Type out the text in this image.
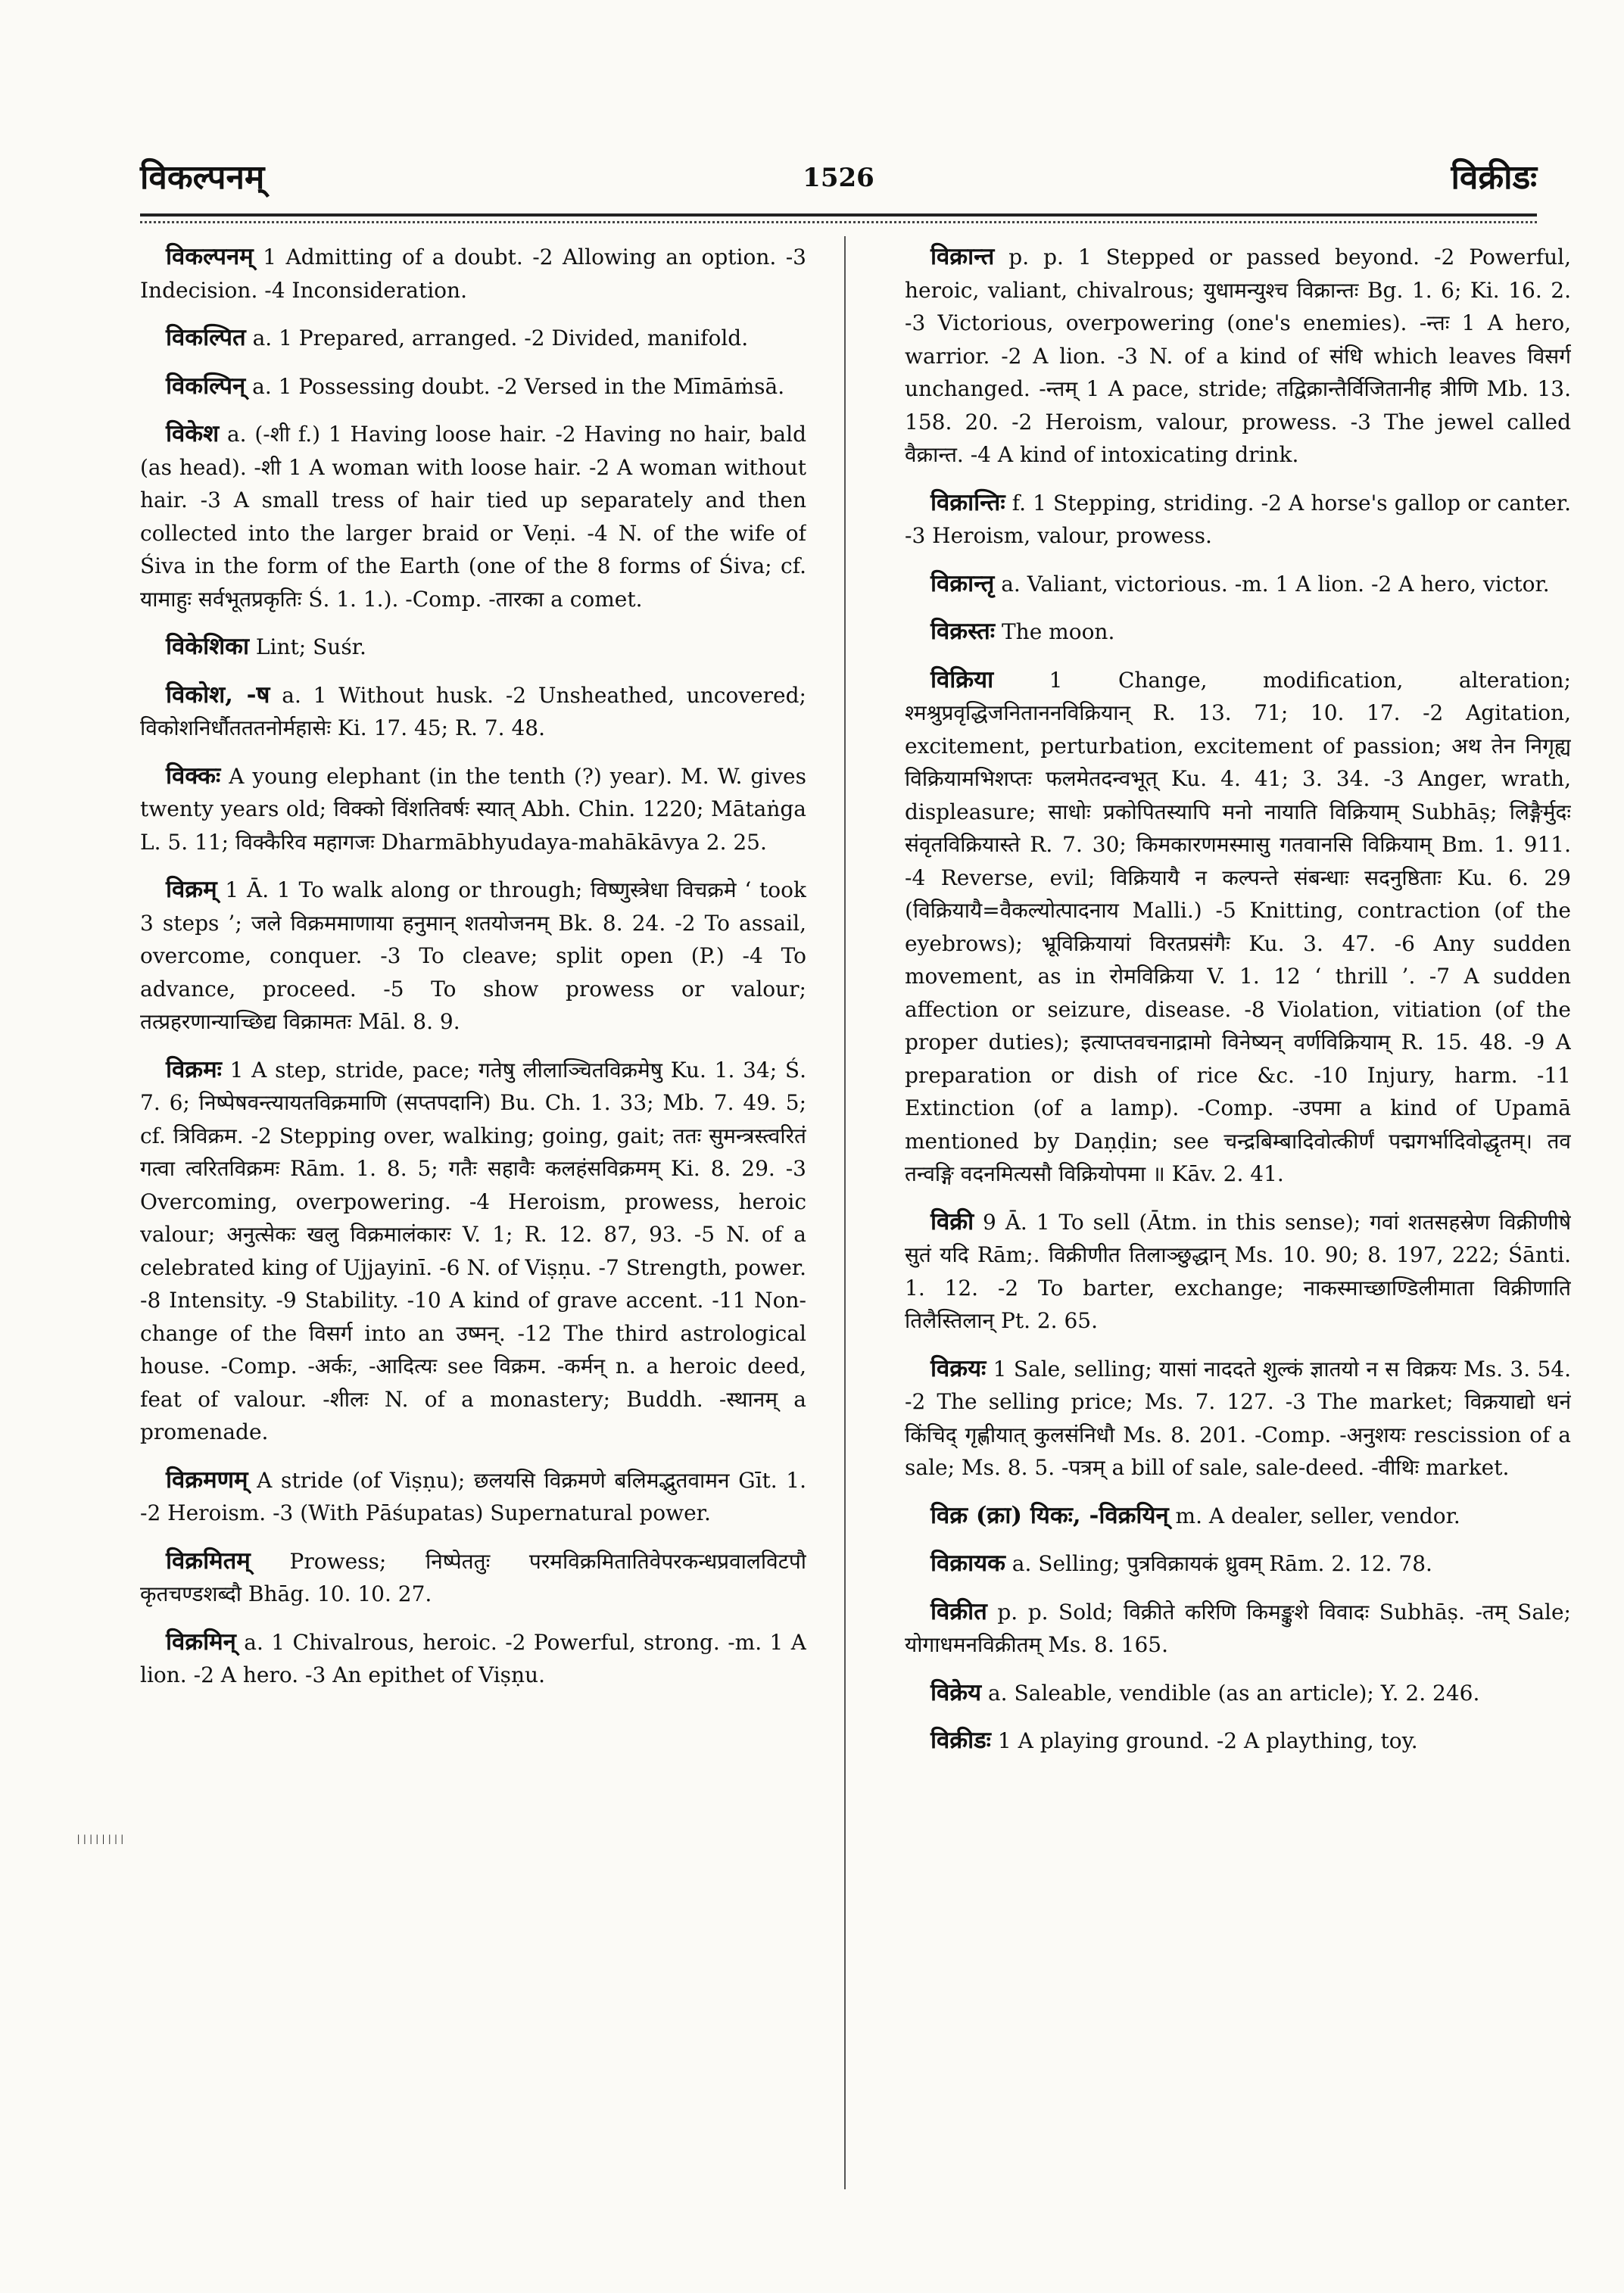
विकल्पनम्	1526	विक्रीडः

विकल्पनम् 1 Admitting of a doubt. -2 Allowing an option. -3 Indecision. -4 Inconsideration.

विकल्पित a. 1 Prepared, arranged. -2 Divided, manifold.

विकल्पिन् a. 1 Possessing doubt. -2 Versed in the Mīmāṁsā.

विकेश a. (-शी f.) 1 Having loose hair. -2 Having no hair, bald (as head). -शी 1 A woman with loose hair. -2 A woman without hair. -3 A small tress of hair tied up separately and then collected into the larger braid or Veṇi. -4 N. of the wife of Śiva in the form of the Earth (one of the 8 forms of Śiva; cf. यामाहुः सर्वभूतप्रकृतिः Ś. 1. 1.). -Comp. -तारका a comet.

विकेशिका Lint; Suśr.

विकोश, -ष a. 1 Without husk. -2 Unsheathed, uncovered; विकोशनिर्धौतततनोर्महासेः Ki. 17. 45; R. 7. 48.

विक्कः A young elephant (in the tenth (?) year). M. W. gives twenty years old; विक्को विंशतिवर्षः स्यात् Abh. Chin. 1220; Mātaṅga L. 5. 11; विक्कैरिव महागजः Dharmābhyudaya-mahākāvya 2. 25.

विक्रम् 1 Ā. 1 To walk along or through; विष्णुस्त्रेधा विचक्रमे ‘ took 3 steps ’; जले विक्रममाणाया हनुमान् शतयोजनम् Bk. 8. 24. -2 To assail, overcome, conquer. -3 To cleave; split open (P.) -4 To advance, proceed. -5 To show prowess or valour; तत्प्रहरणान्याच्छिद्य विक्रामतः Māl. 8. 9.

विक्रमः 1 A step, stride, pace; गतेषु लीलाञ्चितविक्रमेषु Ku. 1. 34; Ś. 7. 6; निष्पेषवन्त्यायतविक्रमाणि (सप्तपदानि) Bu. Ch. 1. 33; Mb. 7. 49. 5; cf. त्रिविक्रम. -2 Stepping over, walking; going, gait; ततः सुमन्त्रस्त्वरितं गत्वा त्वरितविक्रमः Rām. 1. 8. 5; गतैः सहावैः कलहंसविक्रमम् Ki. 8. 29. -3 Overcoming, overpowering. -4 Heroism, prowess, heroic valour; अनुत्सेकः खलु विक्रमालंकारः V. 1; R. 12. 87, 93. -5 N. of a celebrated king of Ujjayinī. -6 N. of Viṣṇu. -7 Strength, power. -8 Intensity. -9 Stability. -10 A kind of grave accent. -11 Non-change of the विसर्ग into an उष्मन्. -12 The third astrological house. -Comp. -अर्कः, -आदित्यः see विक्रम. -कर्मन् n. a heroic deed, feat of valour. -शीलः N. of a monastery; Buddh. -स्थानम् a promenade.

विक्रमणम् A stride (of Viṣṇu); छलयसि विक्रमणे बलिमद्भुतवामन Gīt. 1. -2 Heroism. -3 (With Pāśupatas) Supernatural power.

विक्रमितम् Prowess; निष्पेततुः परमविक्रमितातिवेपरकन्धप्रवालविटपौ कृतचण्डशब्दौ Bhāg. 10. 10. 27.

विक्रमिन् a. 1 Chivalrous, heroic. -2 Powerful, strong. -m. 1 A lion. -2 A hero. -3 An epithet of Viṣṇu.

विक्रान्त p. p. 1 Stepped or passed beyond. -2 Powerful, heroic, valiant, chivalrous; युधामन्युश्च विक्रान्तः Bg. 1. 6; Ki. 16. 2. -3 Victorious, overpowering (one's enemies). -न्तः 1 A hero, warrior. -2 A lion. -3 N. of a kind of संधि which leaves विसर्ग unchanged. -न्तम् 1 A pace, stride; तद्विक्रान्तैर्विजितानीह त्रीणि Mb. 13. 158. 20. -2 Heroism, valour, prowess. -3 The jewel called वैक्रान्त. -4 A kind of intoxicating drink.

विक्रान्तिः f. 1 Stepping, striding. -2 A horse's gallop or canter. -3 Heroism, valour, prowess.

विक्रान्तृ a. Valiant, victorious. -m. 1 A lion. -2 A hero, victor.

विक्रस्तः The moon.

विक्रिया 1 Change, modification, alteration; श्मश्रुप्रवृद्धिजनिताननविक्रियान् R. 13. 71; 10. 17. -2 Agitation, excitement, perturbation, excitement of passion; अथ तेन निगृह्य विक्रियामभिशप्तः फलमेतदन्वभूत् Ku. 4. 41; 3. 34. -3 Anger, wrath, displeasure; साधोः प्रकोपितस्यापि मनो नायाति विक्रियाम् Subhāṣ; लिङ्गैर्मुदः संवृतविक्रियास्ते R. 7. 30; किमकारणमस्मासु गतवानसि विक्रियाम् Bm. 1. 911. -4 Reverse, evil; विक्रियायै न कल्पन्ते संबन्धाः सदनुष्ठिताः Ku. 6. 29 (विक्रियायै=वैकल्योत्पादनाय Malli.) -5 Knitting, contraction (of the eyebrows); भ्रूविक्रियायां विरतप्रसंगैः Ku. 3. 47. -6 Any sudden movement, as in रोमविक्रिया V. 1. 12 ‘ thrill ’. -7 A sudden affection or seizure, disease. -8 Violation, vitiation (of the proper duties); इत्याप्तवचनाद्रामो विनेष्यन् वर्णविक्रियाम् R. 15. 48. -9 A preparation or dish of rice &c. -10 Injury, harm. -11 Extinction (of a lamp). -Comp. -उपमा a kind of Upamā mentioned by Daṇḍin; see चन्द्रबिम्बादिवोत्कीर्णं पद्मगर्भादिवोद्धृतम्। तव तन्वङ्गि वदनमित्यसौ विक्रियोपमा ॥ Kāv. 2. 41.

विक्री 9 Ā. 1 To sell (Ātm. in this sense); गवां शतसहस्रेण विक्रीणीषे सुतं यदि Rām;. विक्रीणीत तिलाञ्छुद्धान् Ms. 10. 90; 8. 197, 222; Śānti. 1. 12. -2 To barter, exchange; नाकस्माच्छाण्डिलीमाता विक्रीणाति तिलैस्तिलान् Pt. 2. 65.

विक्रयः 1 Sale, selling; यासां नाददते शुल्कं ज्ञातयो न स विक्रयः Ms. 3. 54. -2 The selling price; Ms. 7. 127. -3 The market; विक्रयाद्यो धनं किंचिद् गृह्णीयात् कुलसंनिधौ Ms. 8. 201. -Comp. -अनुशयः rescission of a sale; Ms. 8. 5. -पत्रम् a bill of sale, sale-deed. -वीथिः market.

विक्र (क्रा) यिकः, -विक्रयिन् m. A dealer, seller, vendor.

विक्रायक a. Selling; पुत्रविक्रायकं ध्रुवम् Rām. 2. 12. 78.

विक्रीत p. p. Sold; विक्रीते करिणि किमङ्कुशे विवादः Subhāṣ. -तम् Sale; योगाधमनविक्रीतम् Ms. 8. 165.

विक्रेय a. Saleable, vendible (as an article); Y. 2. 246.

विक्रीडः 1 A playing ground. -2 A plaything, toy.

||||||||
